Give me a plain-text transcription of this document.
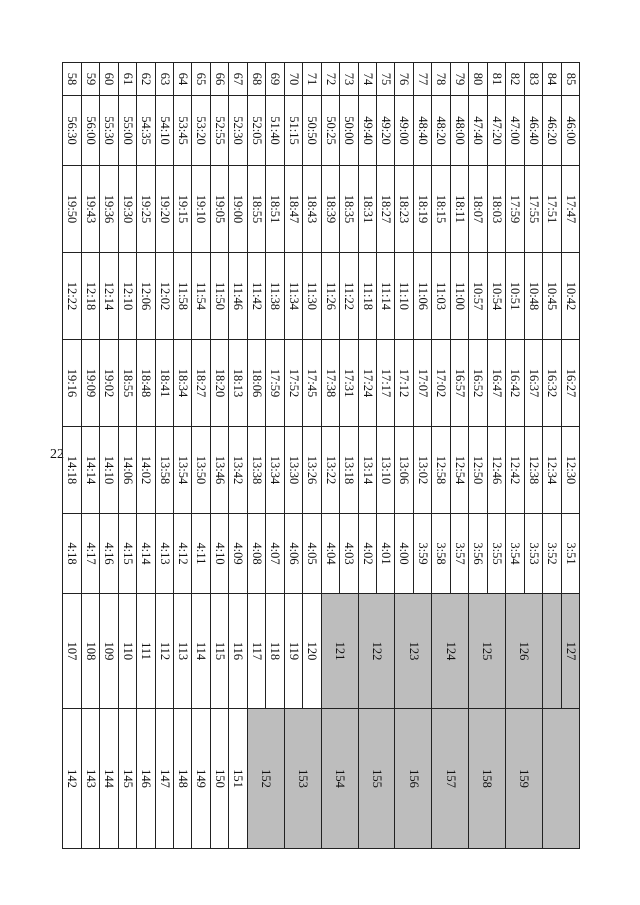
22
85	46:00	17:47	10:42	16:27	12:30	3:51	127	
84	46:20	17:51	10:45	16:32	12:34	3:52		
83	46:40	17:55	10:48	16:37	12:38	3:53	126	159
82	47:00	17:59	10:51	16:42	12:42	3:54		
81	47:20	18:03	10:54	16:47	12:46	3:55	125	158
80	47:40	18:07	10:57	16:52	12:50	3:56		
79	48:00	18:11	11:00	16:57	12:54	3:57	124	157
78	48:20	18:15	11:03	17:02	12:58	3:58		
77	48:40	18:19	11:06	17:07	13:02	3:59	123	156
76	49:00	18:23	11:10	17:12	13:06	4:00		
75	49:20	18:27	11:14	17:17	13:10	4:01	122	155
74	49:40	18:31	11:18	17:24	13:14	4:02		
73	50:00	18:35	11:22	17:31	13:18	4:03	121	154
72	50:25	18:39	11:26	17:38	13:22	4:04		
71	50:50	18:43	11:30	17:45	13:26	4:05	120	153
70	51:15	18:47	11:34	17:52	13:30	4:06	119	
69	51:40	18:51	11:38	17:59	13:34	4:07	118	152
68	52:05	18:55	11:42	18:06	13:38	4:08	117	
67	52:30	19:00	11:46	18:13	13:42	4:09	116	151
66	52:55	19:05	11:50	18:20	13:46	4:10	115	150
65	53:20	19:10	11:54	18:27	13:50	4:11	114	149
64	53:45	19:15	11:58	18:34	13:54	4:12	113	148
63	54:10	19:20	12:02	18:41	13:58	4:13	112	147
62	54:35	19:25	12:06	18:48	14:02	4:14	111	146
61	55:00	19:30	12:10	18:55	14:06	4:15	110	145
60	55:30	19:36	12:14	19:02	14:10	4:16	109	144
59	56:00	19:43	12:18	19:09	14:14	4:17	108	143
58	56:30	19:50	12:22	19:16	14:18	4:18	107	142
